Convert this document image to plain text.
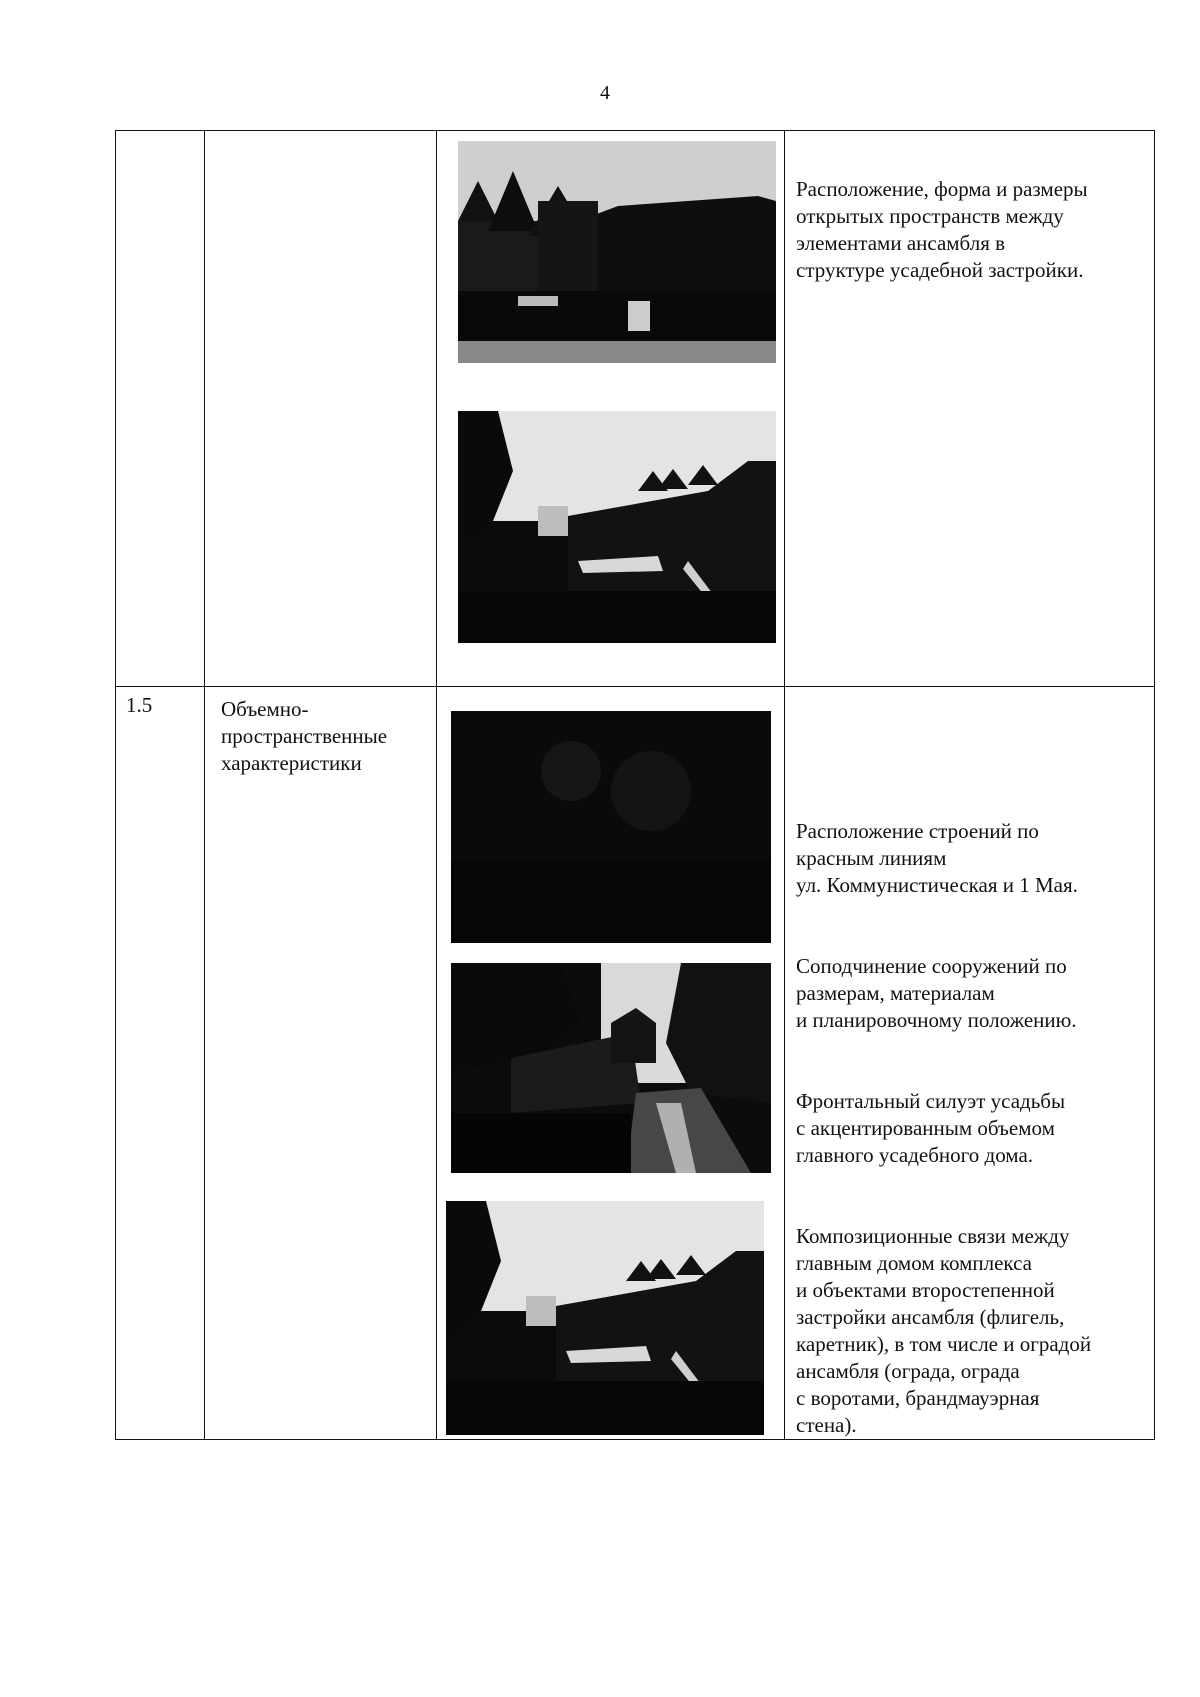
4
Расположение, форма и размеры
открытых пространств между
элементами ансамбля в
структуре усадебной застройки.
1.5	Объемно-
пространственные
характеристики

Расположение строений по
красным линиям
ул. Коммунистическая и 1 Мая.

Соподчинение сооружений по
размерам, материалам
и планировочному положению.

Фронтальный силуэт усадьбы
с акцентированным объемом
главного усадебного дома.

Композиционные связи между
главным домом комплекса
и объектами второстепенной
застройки ансамбля (флигель,
каретник), в том числе и оградой
ансамбля (ограда, ограда
с воротами, брандмауэрная
стена).
